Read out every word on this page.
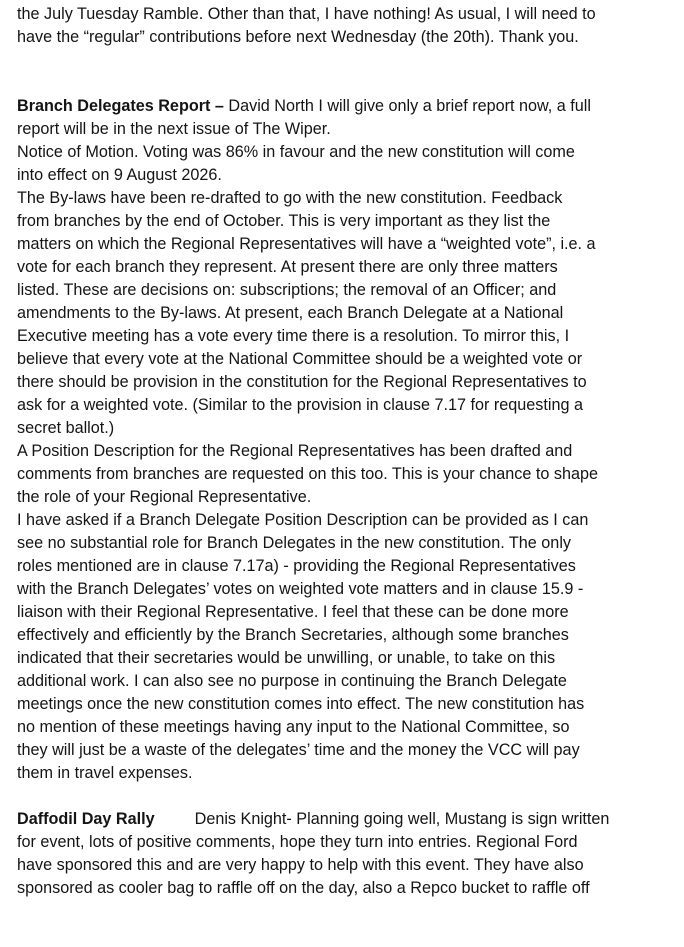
the July Tuesday Ramble. Other than that, I have nothing! As usual, I will need to
have the “regular” contributions before next Wednesday (the 20th). Thank you.
Branch Delegates Report – David North I will give only a brief report now, a full
report will be in the next issue of The Wiper.
Notice of Motion. Voting was 86% in favour and the new constitution will come
into effect on 9 August 2026.
The By-laws have been re-drafted to go with the new constitution. Feedback
from branches by the end of October. This is very important as they list the
matters on which the Regional Representatives will have a “weighted vote”, i.e. a
vote for each branch they represent. At present there are only three matters
listed. These are decisions on: subscriptions; the removal of an Officer; and
amendments to the By-laws. At present, each Branch Delegate at a National
Executive meeting has a vote every time there is a resolution. To mirror this, I
believe that every vote at the National Committee should be a weighted vote or
there should be provision in the constitution for the Regional Representatives to
ask for a weighted vote. (Similar to the provision in clause 7.17 for requesting a
secret ballot.)
A Position Description for the Regional Representatives has been drafted and
comments from branches are requested on this too. This is your chance to shape
the role of your Regional Representative.
I have asked if a Branch Delegate Position Description can be provided as I can
see no substantial role for Branch Delegates in the new constitution. The only
roles mentioned are in clause 7.17a) - providing the Regional Representatives
with the Branch Delegates’ votes on weighted vote matters and in clause 15.9 -
liaison with their Regional Representative. I feel that these can be done more
effectively and efficiently by the Branch Secretaries, although some branches
indicated that their secretaries would be unwilling, or unable, to take on this
additional work. I can also see no purpose in continuing the Branch Delegate
meetings once the new constitution comes into effect. The new constitution has
no mention of these meetings having any input to the National Committee, so
they will just be a waste of the delegates’ time and the money the VCC will pay
them in travel expenses.
Daffodil Day Rally Denis Knight- Planning going well, Mustang is sign written
for event, lots of positive comments, hope they turn into entries. Regional Ford
have sponsored this and are very happy to help with this event. They have also
sponsored as cooler bag to raffle off on the day, also a Repco bucket to raffle off
